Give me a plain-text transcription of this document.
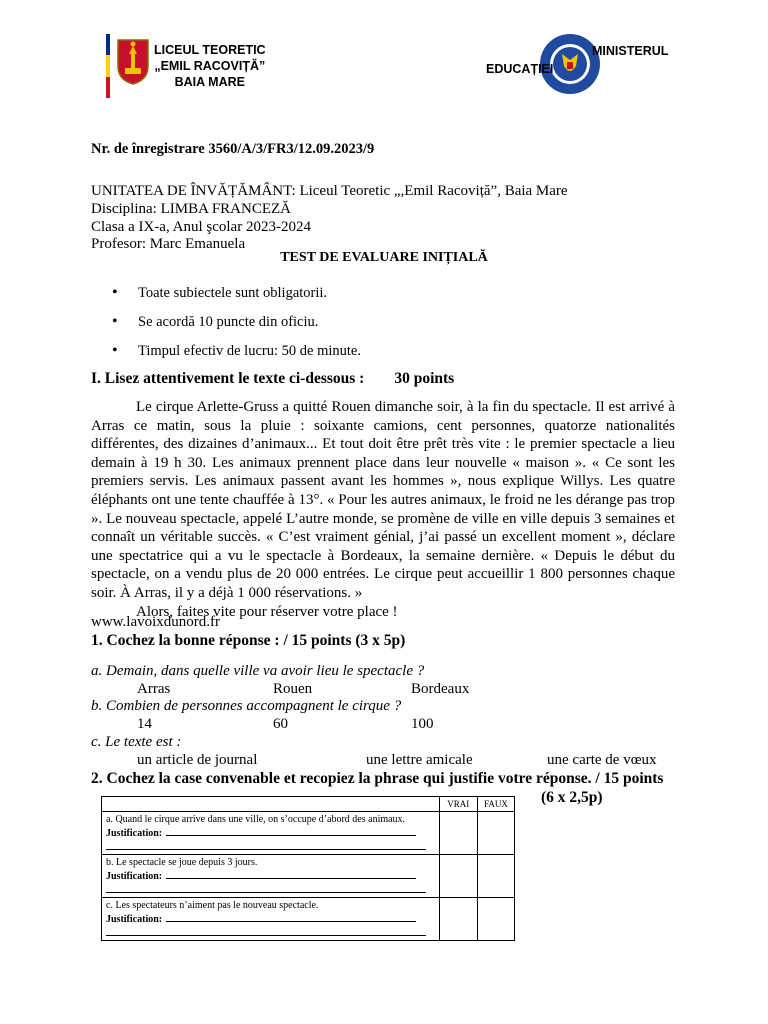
LICEUL TEORETIC
„EMIL RACOVIȚĂ”
BAIA MARE
MINISTERUL
EDUCAȚIEI
Nr. de înregistrare 3560/A/3/FR3/12.09.2023/9
UNITATEA DE ÎNVĂȚĂMÂNT: Liceul Teoretic „,Emil Racoviță”, Baia Mare
Disciplina: LIMBA FRANCEZĂ
Clasa a IX-a, Anul şcolar 2023-2024
Profesor: Marc Emanuela
TEST DE EVALUARE INIȚIALĂ
• Toate subiectele sunt obligatorii.
• Se acordă 10 puncte din oficiu.
• Timpul efectiv de lucru: 50 de minute.
I. Lisez attentivement le texte ci-dessous : 30 points

Le cirque Arlette-Gruss a quitté Rouen dimanche soir, à la fin du spectacle. Il est arrivé à Arras ce matin, sous la pluie : soixante camions, cent personnes, quatorze nationalités différentes, des dizaines d’animaux... Et tout doit être prêt très vite : le premier spectacle a lieu demain à 19 h 30. Les animaux prennent place dans leur nouvelle « maison ». « Ce sont les premiers servis. Les animaux passent avant les hommes », nous explique Willys. Les quatre éléphants ont une tente chauffée à 13°. « Pour les autres animaux, le froid ne les dérange pas trop ». Le nouveau spectacle, appelé L’autre monde, se promène de ville en ville depuis 3 semaines et connaît un véritable succès. « C’est vraiment génial, j’ai passé un excellent moment », déclare une spectatrice qui a vu le spectacle à Bordeaux, la semaine dernière. « Depuis le début du spectacle, on a vendu plus de 20 000 entrées. Le cirque peut accueillir 1 800 personnes chaque soir. À Arras, il y a déjà 1 000 réservations. »

Alors, faites vite pour réserver votre place !

www.lavoixdunord.fr
1. Cochez la bonne réponse : / 15 points (3 x 5p)
a. Demain, dans quelle ville va avoir lieu le spectacle ?
Arras	Rouen	Bordeaux
b. Combien de personnes accompagnent le cirque ?
14	60	100
c. Le texte est :
un article de journal	une lettre amicale	une carte de vœux
2. Cochez la case convenable et recopiez la phrase qui justifie votre réponse. / 15 points
(6 x 2,5p)
	VRAI	FAUX

a. Quand le cirque arrive dans une ville, on s’occupe d’abord des animaux.
Justification:		

b. Le spectacle se joue depuis 3 jours.
Justification:		

c. Les spectateurs n’aiment pas le nouveau spectacle.
Justification:		
